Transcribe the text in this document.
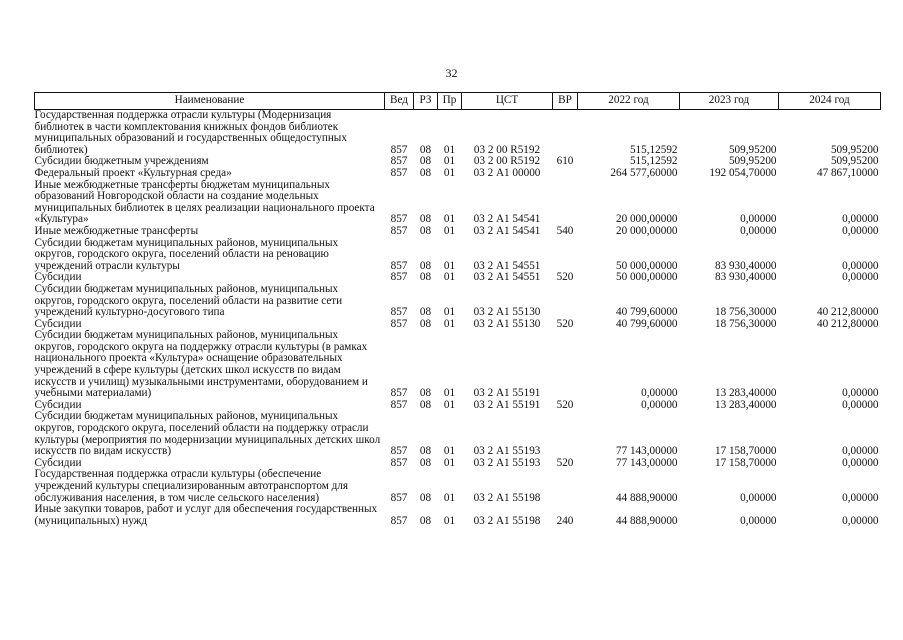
32
Наименование	Вед	РЗ	Пр	ЦСТ	ВР	2022 год	2023 год	2024 год
Государственная поддержка отрасли культуры (Модернизация библиотек в части комплектования книжных фондов библиотек муниципальных образований и государственных общедоступных библиотек)	857	08	01	03 2 00 R5192		515,12592	509,95200	509,95200
Субсидии бюджетным учреждениям	857	08	01	03 2 00 R5192	610	515,12592	509,95200	509,95200
Федеральный проект «Культурная среда»	857	08	01	03 2 А1 00000		264 577,60000	192 054,70000	47 867,10000
Иные межбюджетные трансферты бюджетам муниципальных образований Новгородской области на создание модельных муниципальных библиотек в целях реализации национального проекта «Культура»	857	08	01	03 2 А1 54541		20 000,00000	0,00000	0,00000
Иные межбюджетные трансферты	857	08	01	03 2 А1 54541	540	20 000,00000	0,00000	0,00000
Субсидии бюджетам муниципальных районов, муниципальных округов, городского округа, поселений области на реновацию учреждений отрасли культуры	857	08	01	03 2 А1 54551		50 000,00000	83 930,40000	0,00000
Субсидии	857	08	01	03 2 А1 54551	520	50 000,00000	83 930,40000	0,00000
Субсидии бюджетам муниципальных районов, муниципальных округов, городского округа, поселений области на развитие сети учреждений культурно-досугового типа	857	08	01	03 2 А1 55130		40 799,60000	18 756,30000	40 212,80000
Субсидии	857	08	01	03 2 А1 55130	520	40 799,60000	18 756,30000	40 212,80000
Субсидии бюджетам муниципальных районов, муниципальных округов, городского округа на поддержку отрасли культуры (в рамках национального проекта «Культура» оснащение образовательных учреждений в сфере культуры (детских школ искусств по видам искусств и училищ) музыкальными инструментами, оборудованием и учебными материалами)	857	08	01	03 2 А1 55191		0,00000	13 283,40000	0,00000
Субсидии	857	08	01	03 2 А1 55191	520	0,00000	13 283,40000	0,00000
Субсидии бюджетам муниципальных районов, муниципальных округов, городского округа, поселений области на поддержку отрасли культуры (мероприятия по модернизации муниципальных детских школ искусств по видам искусств)	857	08	01	03 2 А1 55193		77 143,00000	17 158,70000	0,00000
Субсидии	857	08	01	03 2 А1 55193	520	77 143,00000	17 158,70000	0,00000
Государственная поддержка отрасли культуры (обеспечение учреждений культуры специализированным автотранспортом для обслуживания населения, в том числе сельского населения)	857	08	01	03 2 А1 55198		44 888,90000	0,00000	0,00000
Иные закупки товаров, работ и услуг для обеспечения государственных (муниципальных) нужд	857	08	01	03 2 А1 55198	240	44 888,90000	0,00000	0,00000
